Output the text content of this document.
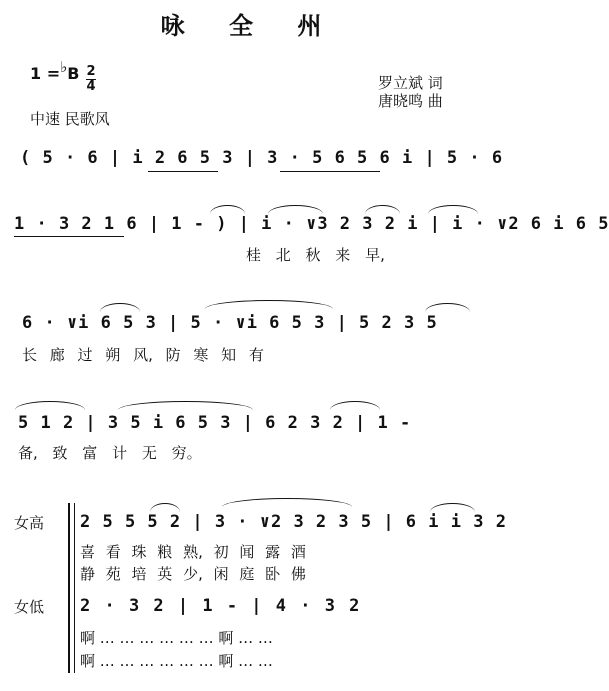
咏 全 州
1 =♭B 2
4	罗立斌 词
唐晓鸣 曲
中速 民歌风
( 5 · 6 | i 2 6 5 3 | 3 · 5 6 5 6 i | 5 · 6
1 · 3 2 1 6 | 1 - ) | i · ∨3 2 3 2 i | i · ∨2 6 i 6 5
桂 北 秋 来 早,
6 · ∨i 6 5 3 | 5 · ∨i 6 5 3 | 5 2 3 5
长 廊 过 朔 风, 防 寒 知 有
5 1 2 | 3 5 i 6 5 3 | 6 2 3 2 | 1 -
备, 致 富 计 无 穷。
女高 2 5 5 5 2 | 3 · ∨2 3 2 3 5 | 6 i i 3 2
喜 看 珠 粮 熟, 初 闻 露 酒
静 苑 培 英 少, 闲 庭 卧 佛
女低 2 · 3 2 | 1 - | 4 · 3 2
啊 … … … … … … 啊 … …
啊 … … … … … … 啊 … …
